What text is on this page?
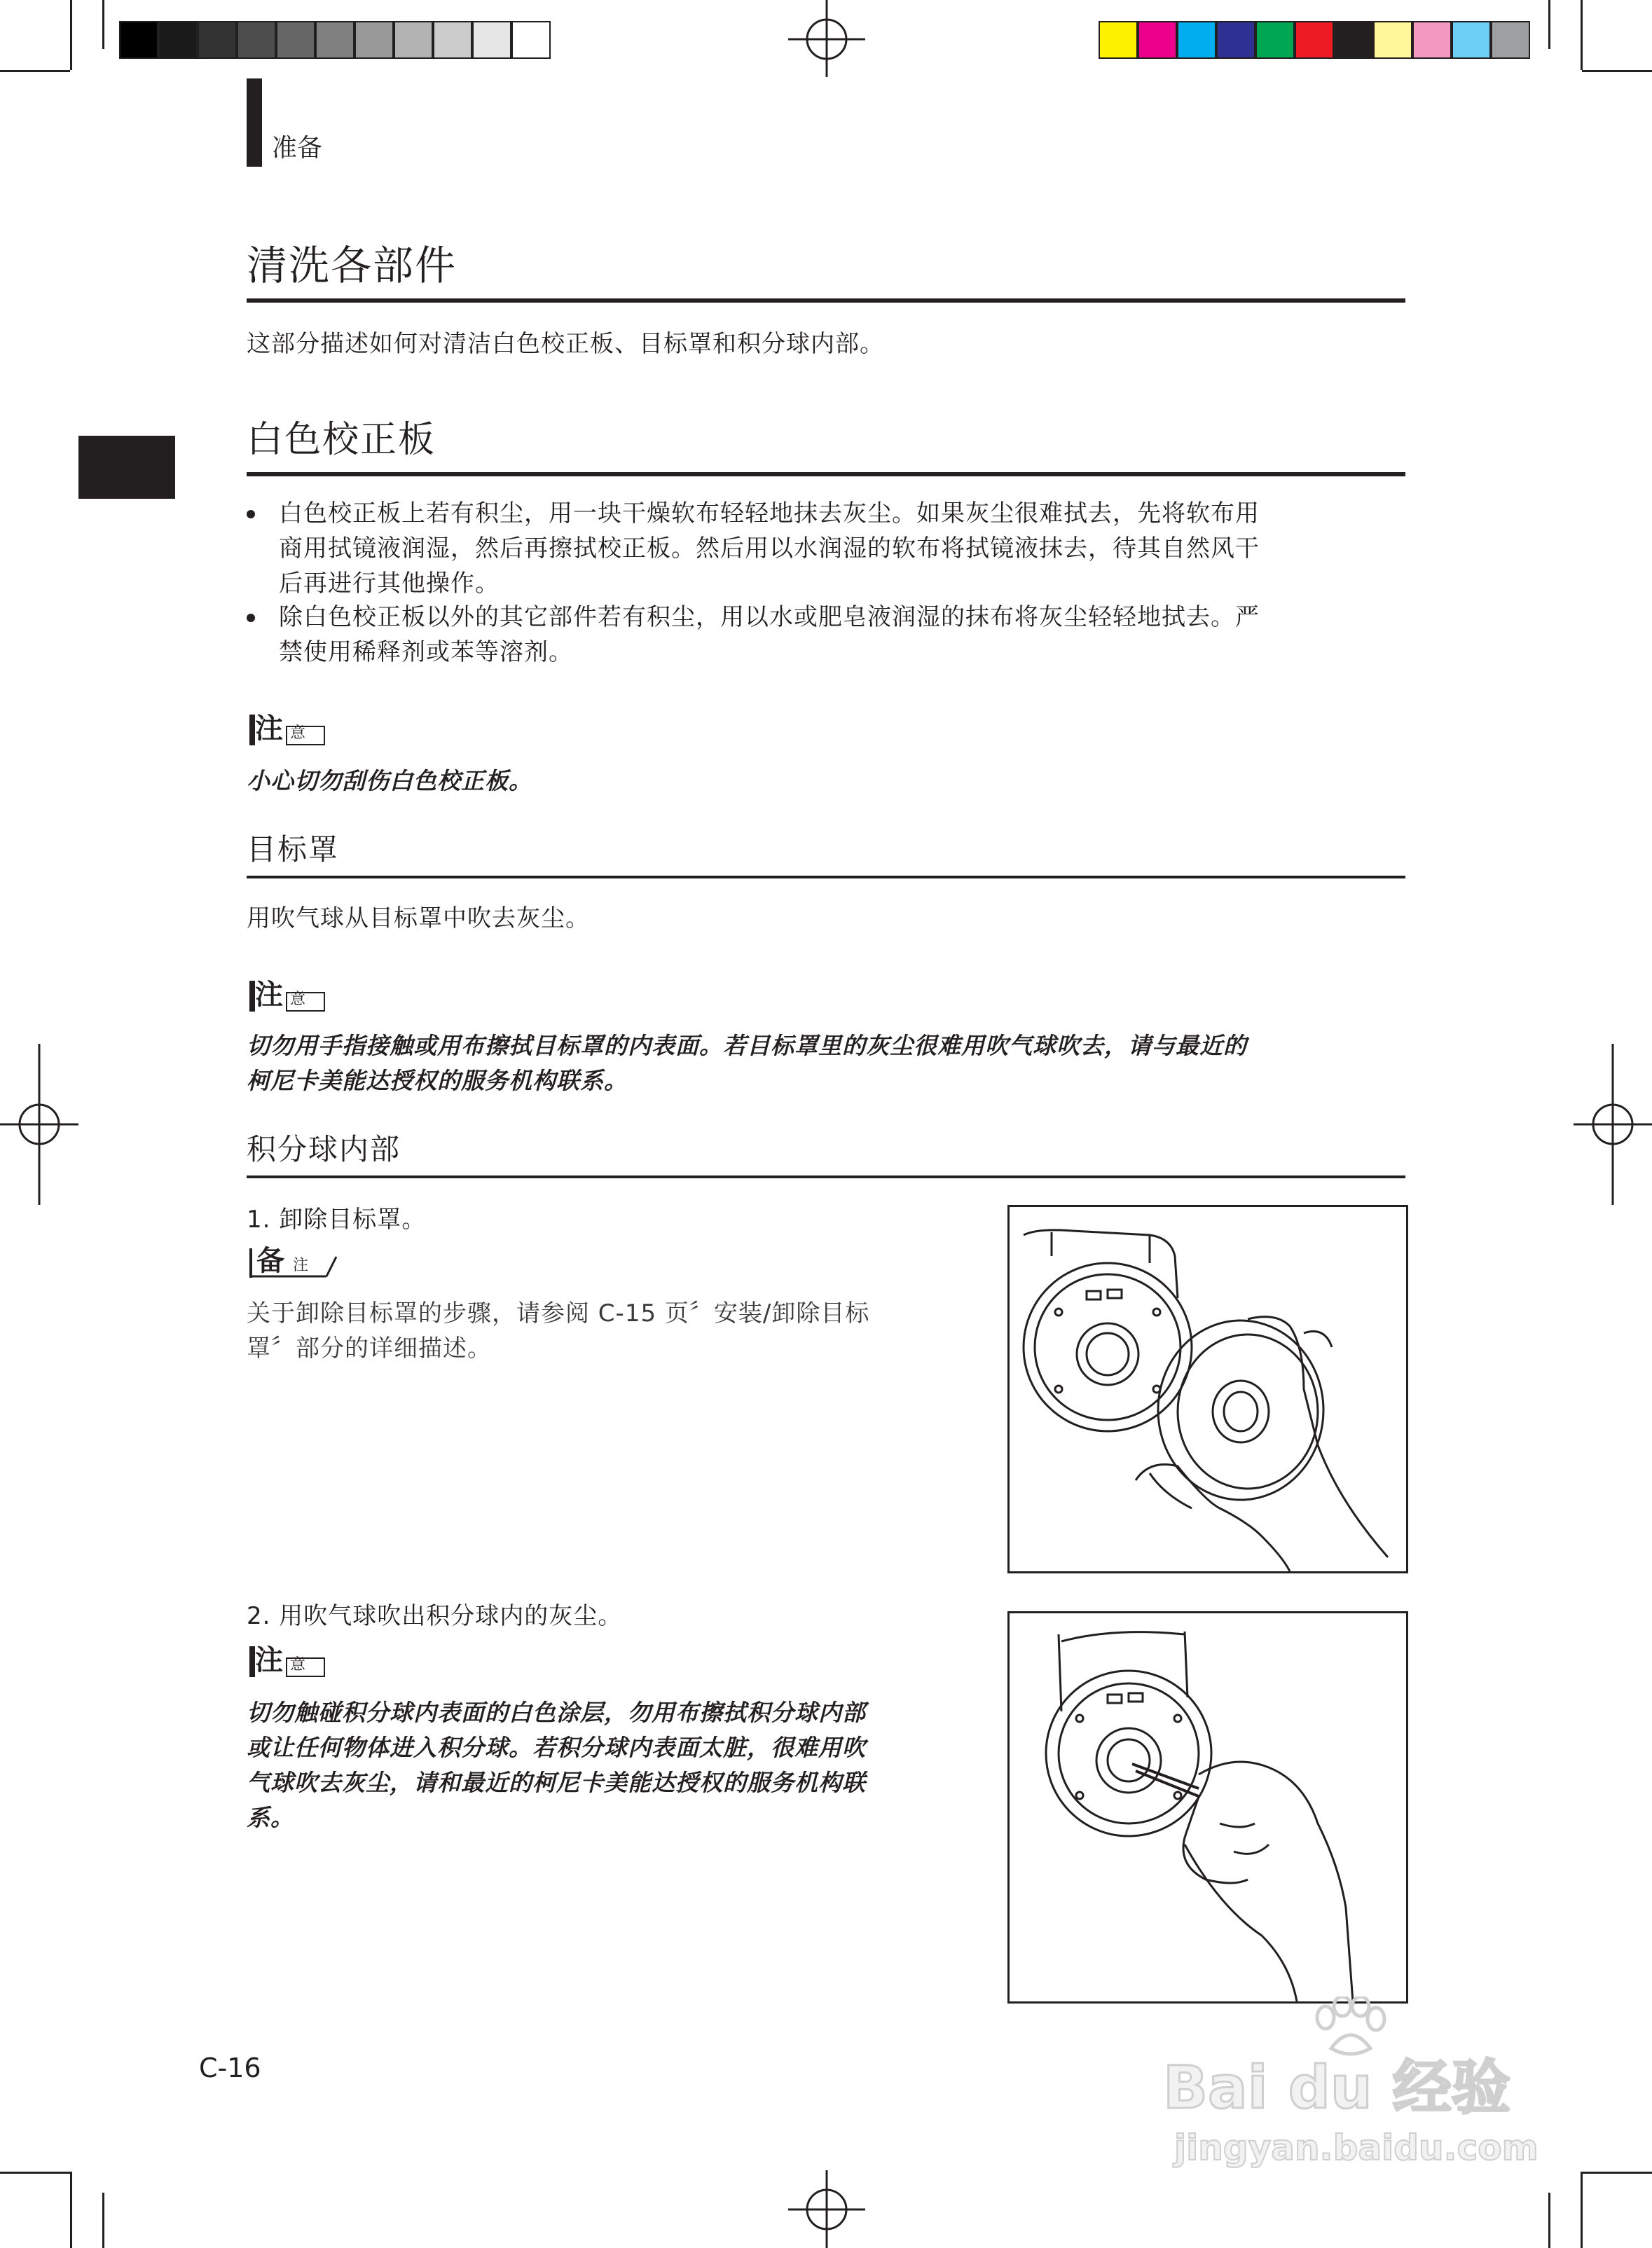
准备
清洗各部件
这部分描述如何对清洁白色校正板、目标罩和积分球内部。
白色校正板
白色校正板上若有积尘，用一块干燥软布轻轻地抹去灰尘。如果灰尘很难拭去，先将软布用
商用拭镜液润湿，然后再擦拭校正板。然后用以水润湿的软布将拭镜液抹去，待其自然风干
后再进行其他操作。
除白色校正板以外的其它部件若有积尘，用以水或肥皂液润湿的抹布将灰尘轻轻地拭去。严
禁使用稀释剂或苯等溶剂。
注 意
小心切勿刮伤白色校正板。
目标罩
用吹气球从目标罩中吹去灰尘。
注 意
切勿用手指接触或用布擦拭目标罩的内表面。若目标罩里的灰尘很难用吹气球吹去，请与最近的
柯尼卡美能达授权的服务机构联系。
积分球内部
1. 卸除目标罩。
备 注
关于卸除目标罩的步骤，请参阅 C-15 页〞安装/卸除目标
罩〞部分的详细描述。
2. 用吹气球吹出积分球内的灰尘。
注 意
切勿触碰积分球内表面的白色涂层，勿用布擦拭积分球内部
或让任何物体进入积分球。若积分球内表面太脏，很难用吹
气球吹去灰尘，请和最近的柯尼卡美能达授权的服务机构联
系。
C-16	Bai du 经验
jingyan.baidu.com
